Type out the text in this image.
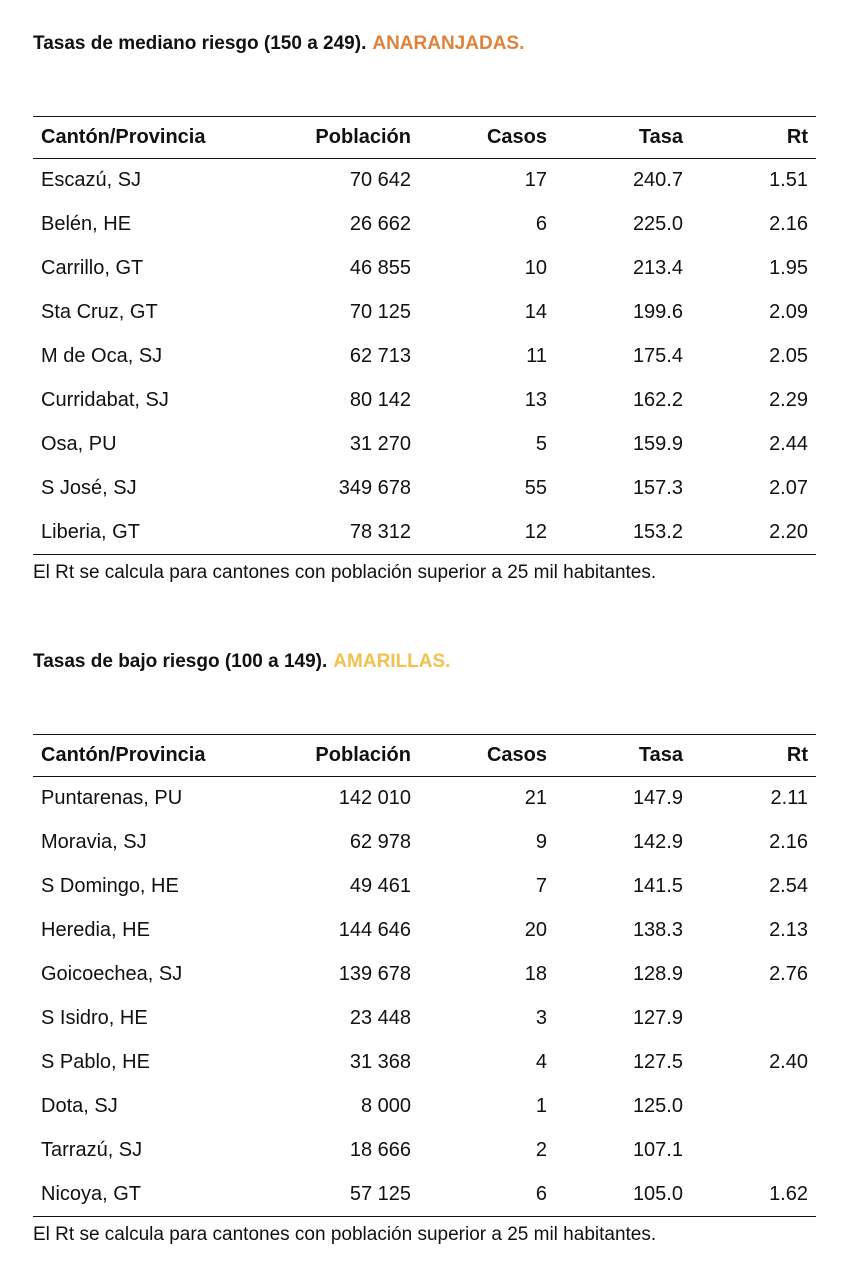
Tasas de mediano riesgo (150 a 249). ANARANJADAS.
Cantón/Provincia	Población	Casos	Tasa	Rt
Escazú, SJ	70 642	17	240.7	1.51
Belén, HE	26 662	6	225.0	2.16
Carrillo, GT	46 855	10	213.4	1.95
Sta Cruz, GT	70 125	14	199.6	2.09
M de Oca, SJ	62 713	11	175.4	2.05
Curridabat, SJ	80 142	13	162.2	2.29
Osa, PU	31 270	5	159.9	2.44
S José, SJ	349 678	55	157.3	2.07
Liberia, GT	78 312	12	153.2	2.20
El Rt se calcula para cantones con población superior a 25 mil habitantes.
Tasas de bajo riesgo (100 a 149). AMARILLAS.
Cantón/Provincia	Población	Casos	Tasa	Rt
Puntarenas, PU	142 010	21	147.9	2.11
Moravia, SJ	62 978	9	142.9	2.16
S Domingo, HE	49 461	7	141.5	2.54
Heredia, HE	144 646	20	138.3	2.13
Goicoechea, SJ	139 678	18	128.9	2.76
S Isidro, HE	23 448	3	127.9	
S Pablo, HE	31 368	4	127.5	2.40
Dota, SJ	8 000	1	125.0	
Tarrazú, SJ	18 666	2	107.1	
Nicoya, GT	57 125	6	105.0	1.62
El Rt se calcula para cantones con población superior a 25 mil habitantes.
